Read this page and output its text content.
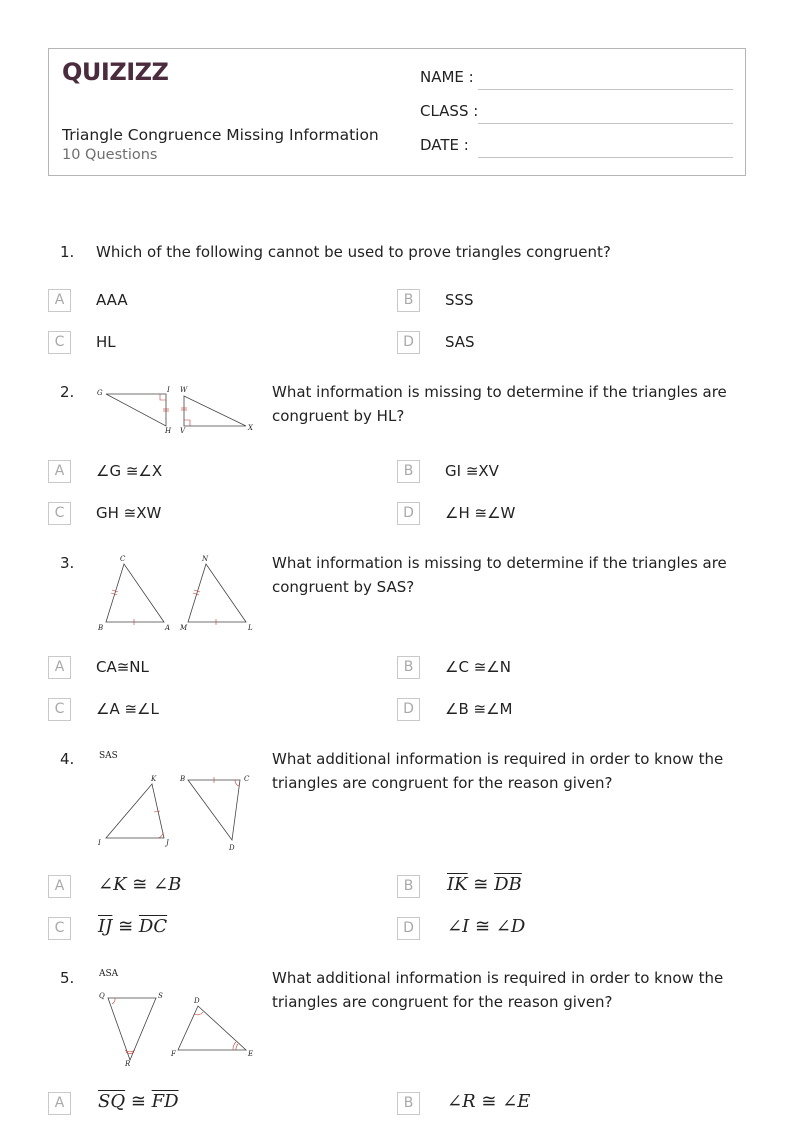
QUIZIZZ
Triangle Congruence Missing Information
10 Questions
NAME :
CLASS :
DATE :
1. Which of the following cannot be used to prove triangles congruent?
A	AAA	B	SSS
C	HL	D	SAS
2.	G	I
H
W
V	X
What information is missing to determine if the triangles are congruent by HL?
A	∠G ≅∠X	B	GI ≅XV
C	GH ≅XW	D	∠H ≅∠W
3.	C
B	A
N
M	L
What information is missing to determine if the triangles are congruent by SAS?
A	CA≅NL	B	∠C ≅∠N
C	∠A ≅∠L	D	∠B ≅∠M
4.	SAS
K
I	J
B	C
D
What additional information is required in order to know the triangles are congruent for the reason given?
A	∠K ≅ ∠B	B	$\overline{IK}$ ≅ $\overline{DB}$
C	$\overline{IJ}$ ≅ $\overline{DC}$	D	∠I ≅ ∠D
5.	ASA
Q	S
R
D
F	E
What additional information is required in order to know the triangles are congruent for the reason given?
A	$\overline{SQ}$ ≅ $\overline{FD}$	B	∠R ≅ ∠E
